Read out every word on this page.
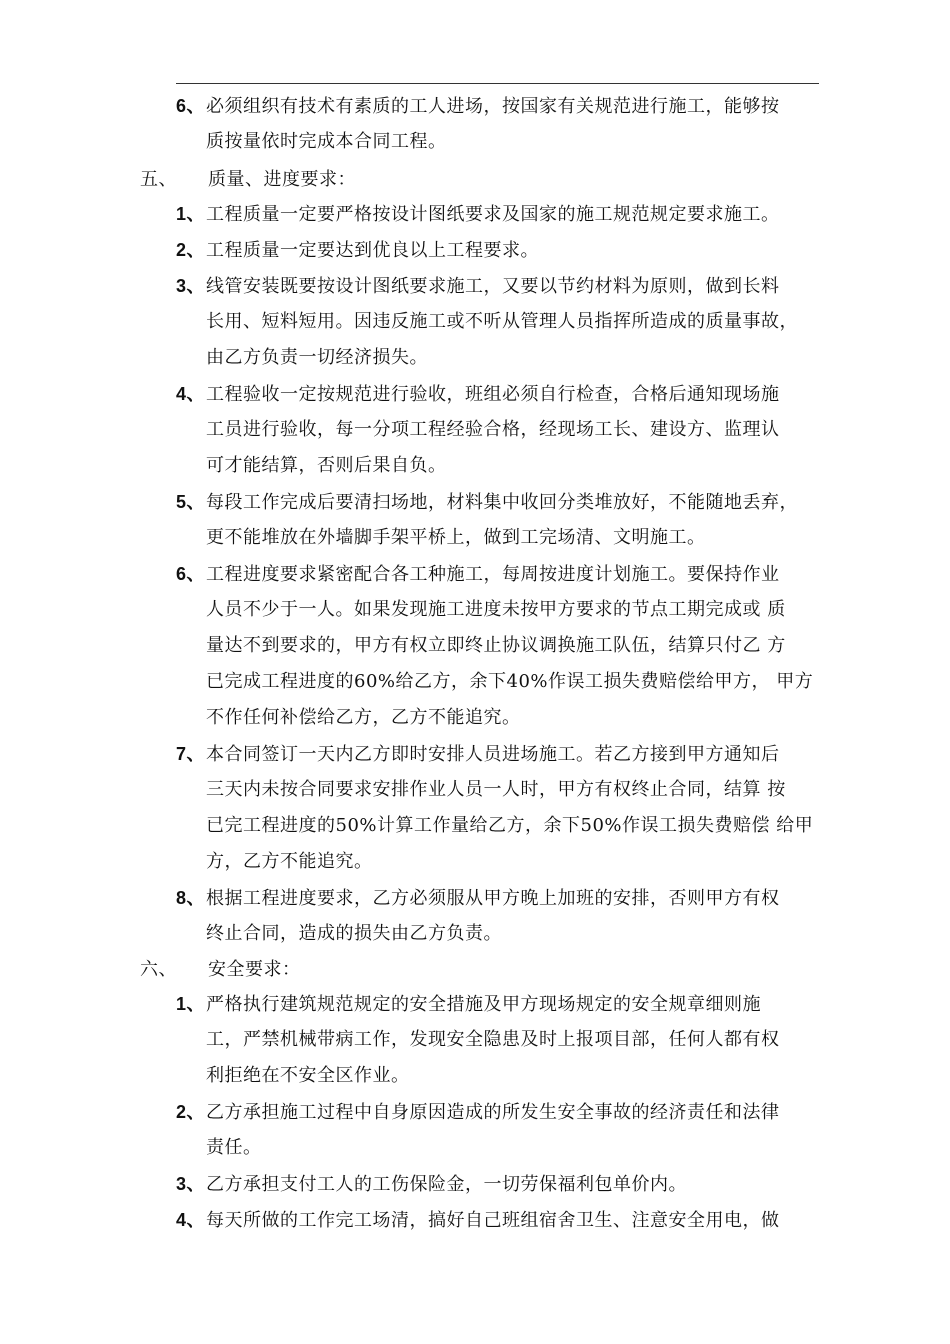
6、必须组织有技术有素质的工人进场，按国家有关规范进行施工，能够按
质按量依时完成本合同工程。
五、 质量、进度要求：
1、工程质量一定要严格按设计图纸要求及国家的施工规范规定要求施工。
2、工程质量一定要达到优良以上工程要求。
3、线管安装既要按设计图纸要求施工，又要以节约材料为原则，做到长料
长用、短料短用。因违反施工或不听从管理人员指挥所造成的质量事故，
由乙方负责一切经济损失。
4、工程验收一定按规范进行验收，班组必须自行检查，合格后通知现场施
工员进行验收，每一分项工程经验合格，经现场工长、建设方、监理认
可才能结算，否则后果自负。
5、每段工作完成后要清扫场地，材料集中收回分类堆放好，不能随地丢弃，
更不能堆放在外墙脚手架平桥上，做到工完场清、文明施工。
6、工程进度要求紧密配合各工种施工，每周按进度计划施工。要保持作业
人员不少于一人。如果发现施工进度未按甲方要求的节点工期完成或 质
量达不到要求的，甲方有权立即终止协议调换施工队伍，结算只付乙 方
已完成工程进度的60%给乙方，余下40%作误工损失费赔偿给甲方， 甲方
不作任何补偿给乙方，乙方不能追究。
7、本合同签订一天内乙方即时安排人员进场施工。若乙方接到甲方通知后
三天内未按合同要求安排作业人员一人时，甲方有权终止合同，结算 按
已完工程进度的50%计算工作量给乙方，余下50%作误工损失费赔偿 给甲
方，乙方不能追究。
8、根据工程进度要求，乙方必须服从甲方晚上加班的安排，否则甲方有权
终止合同，造成的损失由乙方负责。
六、 安全要求：
1、严格执行建筑规范规定的安全措施及甲方现场规定的安全规章细则施
工，严禁机械带病工作，发现安全隐患及时上报项目部，任何人都有权
利拒绝在不安全区作业。
2、乙方承担施工过程中自身原因造成的所发生安全事故的经济责任和法律
责任。
3、乙方承担支付工人的工伤保险金，一切劳保福利包单价内。
4、每天所做的工作完工场清，搞好自己班组宿舍卫生、注意安全用电，做
